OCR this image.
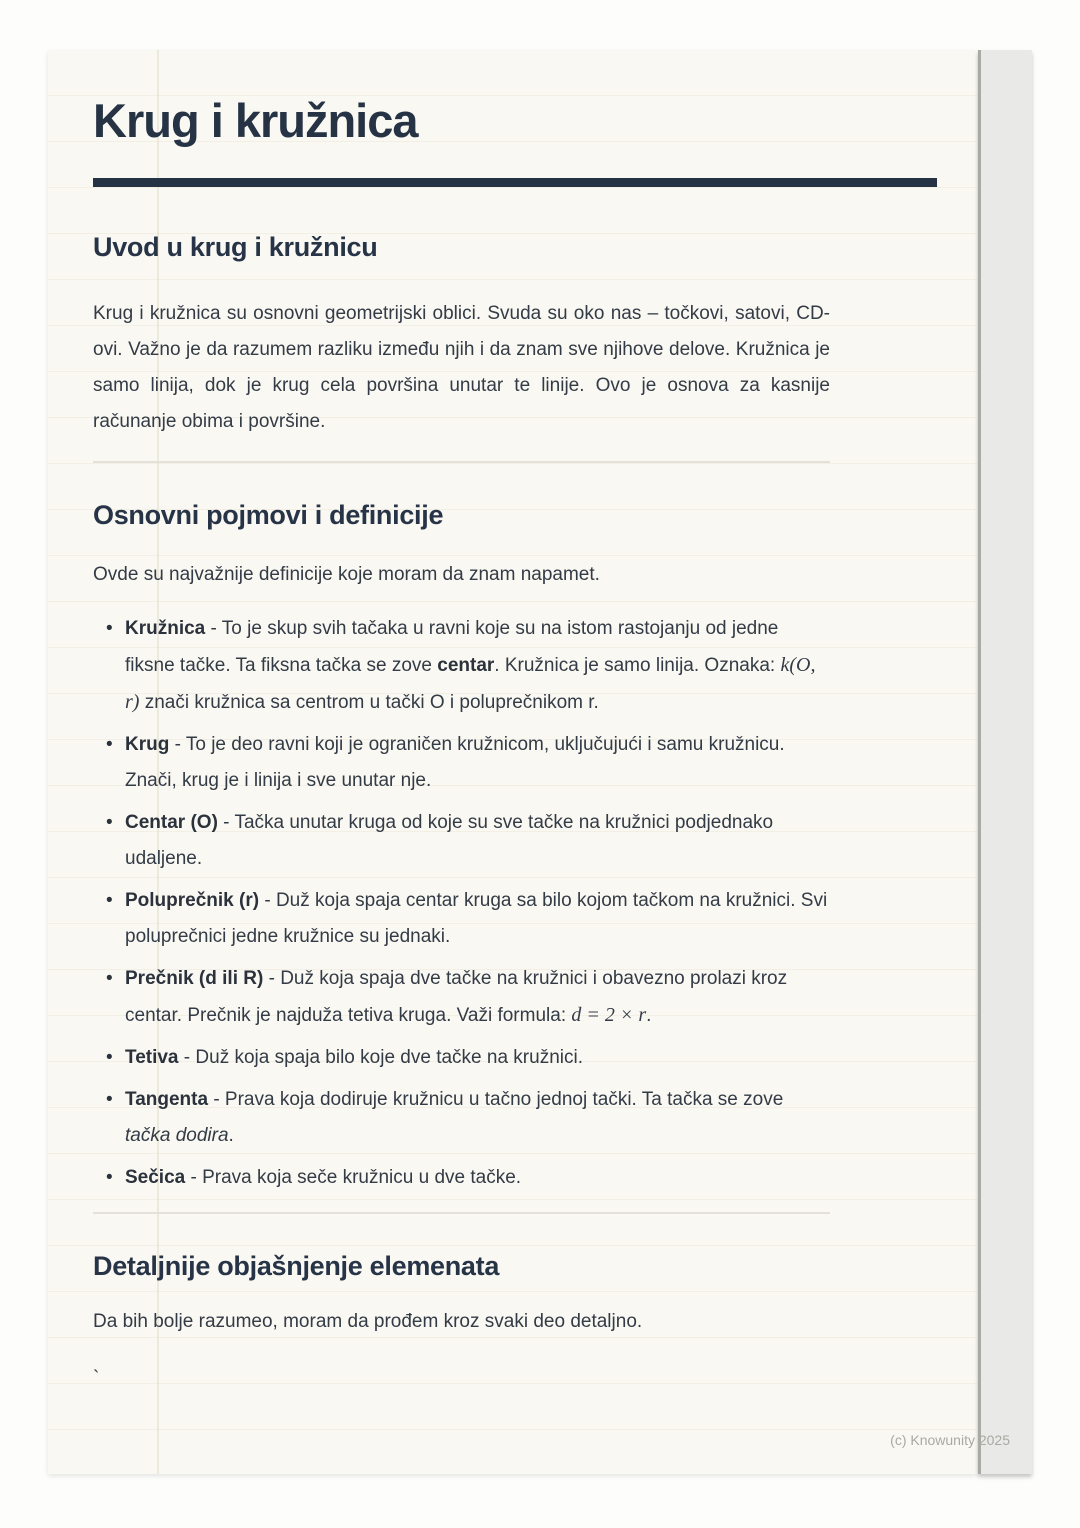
Krug i kružnica
Uvod u krug i kružnicu

Krug i kružnica su osnovni geometrijski oblici. Svuda su oko nas – točkovi, satovi, CD-ovi. Važno je da razumem razliku između njih i da znam sve njihove delove. Kružnica je samo linija, dok je krug cela površina unutar te linije. Ovo je osnova za kasnije računanje obima i površine.

Osnovni pojmovi i definicije

Ovde su najvažnije definicije koje moram da znam napamet.

• Kružnica - To je skup svih tačaka u ravni koje su na istom rastojanju od jedne fiksne tačke. Ta fiksna tačka se zove centar. Kružnica je samo linija. Oznaka: k(O, r) znači kružnica sa centrom u tački O i poluprečnikom r.
• Krug - To je deo ravni koji je ograničen kružnicom, uključujući i samu kružnicu. Znači, krug je i linija i sve unutar nje.
• Centar (O) - Tačka unutar kruga od koje su sve tačke na kružnici podjednako udaljene.
• Poluprečnik (r) - Duž koja spaja centar kruga sa bilo kojom tačkom na kružnici. Svi poluprečnici jedne kružnice su jednaki.
• Prečnik (d ili R) - Duž koja spaja dve tačke na kružnici i obavezno prolazi kroz centar. Prečnik je najduža tetiva kruga. Važi formula: d = 2 × r.
• Tetiva - Duž koja spaja bilo koje dve tačke na kružnici.
• Tangenta - Prava koja dodiruje kružnicu u tačno jednoj tački. Ta tačka se zove tačka dodira.
• Sečica - Prava koja seče kružnicu u dve tačke.
Detaljnije objašnjenje elemenata

Da bih bolje razumeo, moram da prođem kroz svaki deo detaljno.

`

(c) Knowunity 2025
